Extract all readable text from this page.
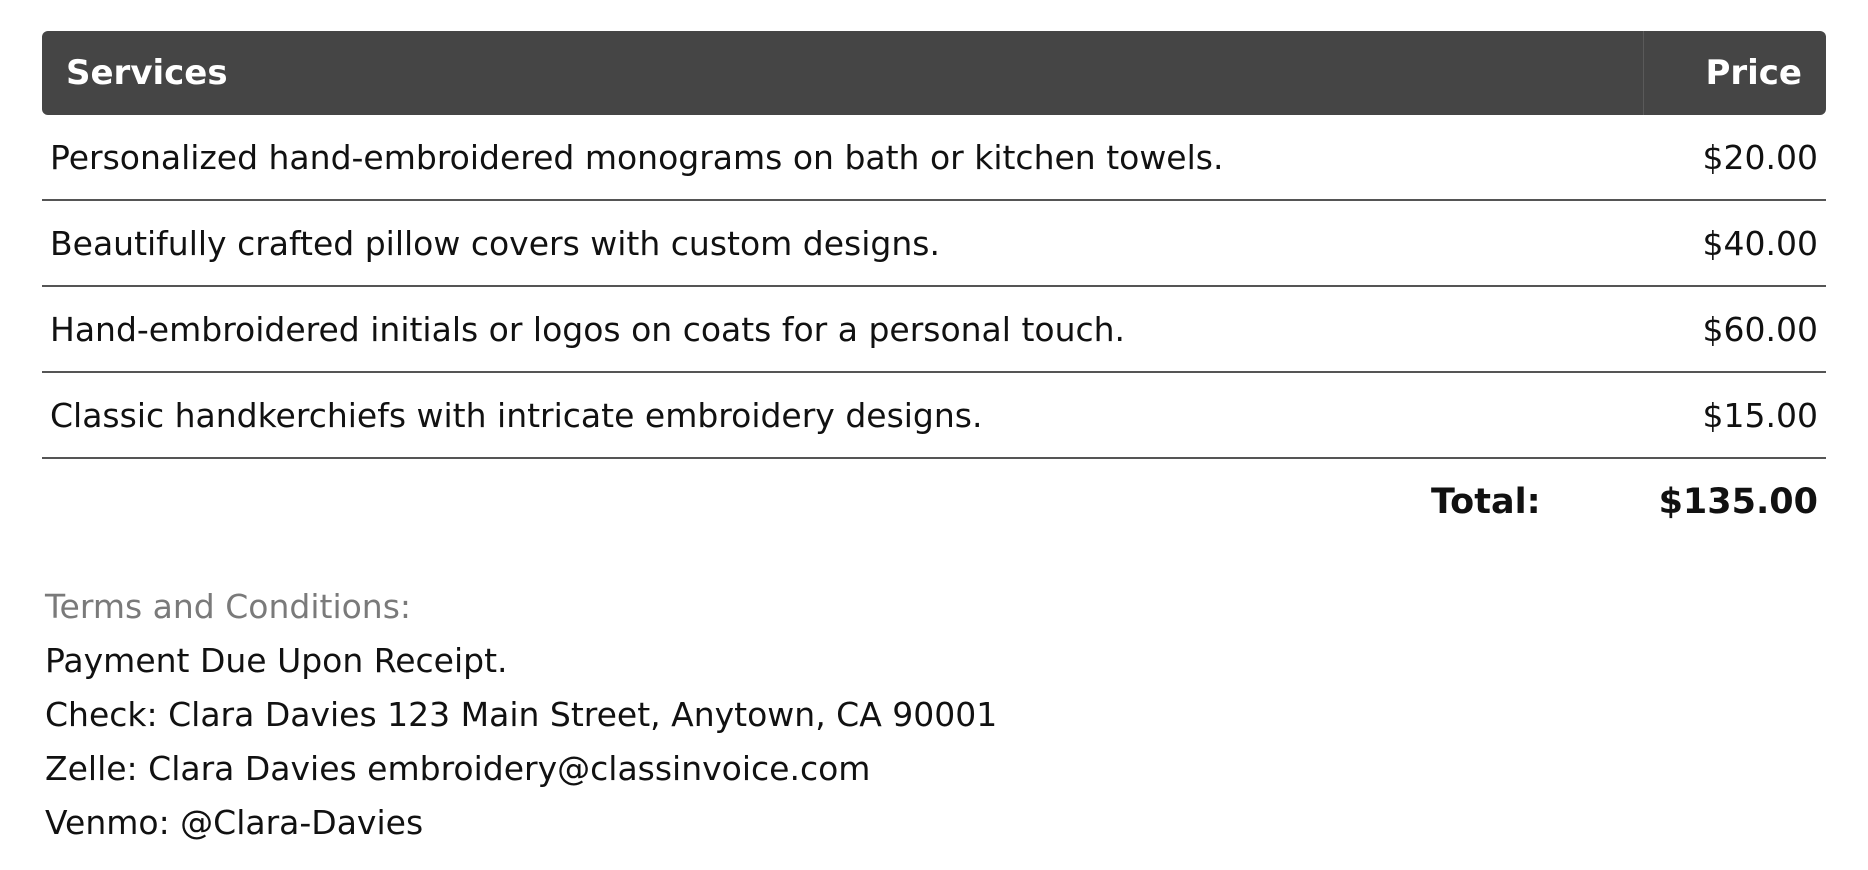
Services	Price
Personalized hand-embroidered monograms on bath or kitchen towels.	$20.00
Beautifully crafted pillow covers with custom designs.	$40.00
Hand-embroidered initials or logos on coats for a personal touch.	$60.00
Classic handkerchiefs with intricate embroidery designs.	$15.00
Total:	$135.00
Terms and Conditions:
Payment Due Upon Receipt.
Check: Clara Davies 123 Main Street, Anytown, CA 90001
Zelle: Clara Davies embroidery@classinvoice.com
Venmo: @Clara-Davies
